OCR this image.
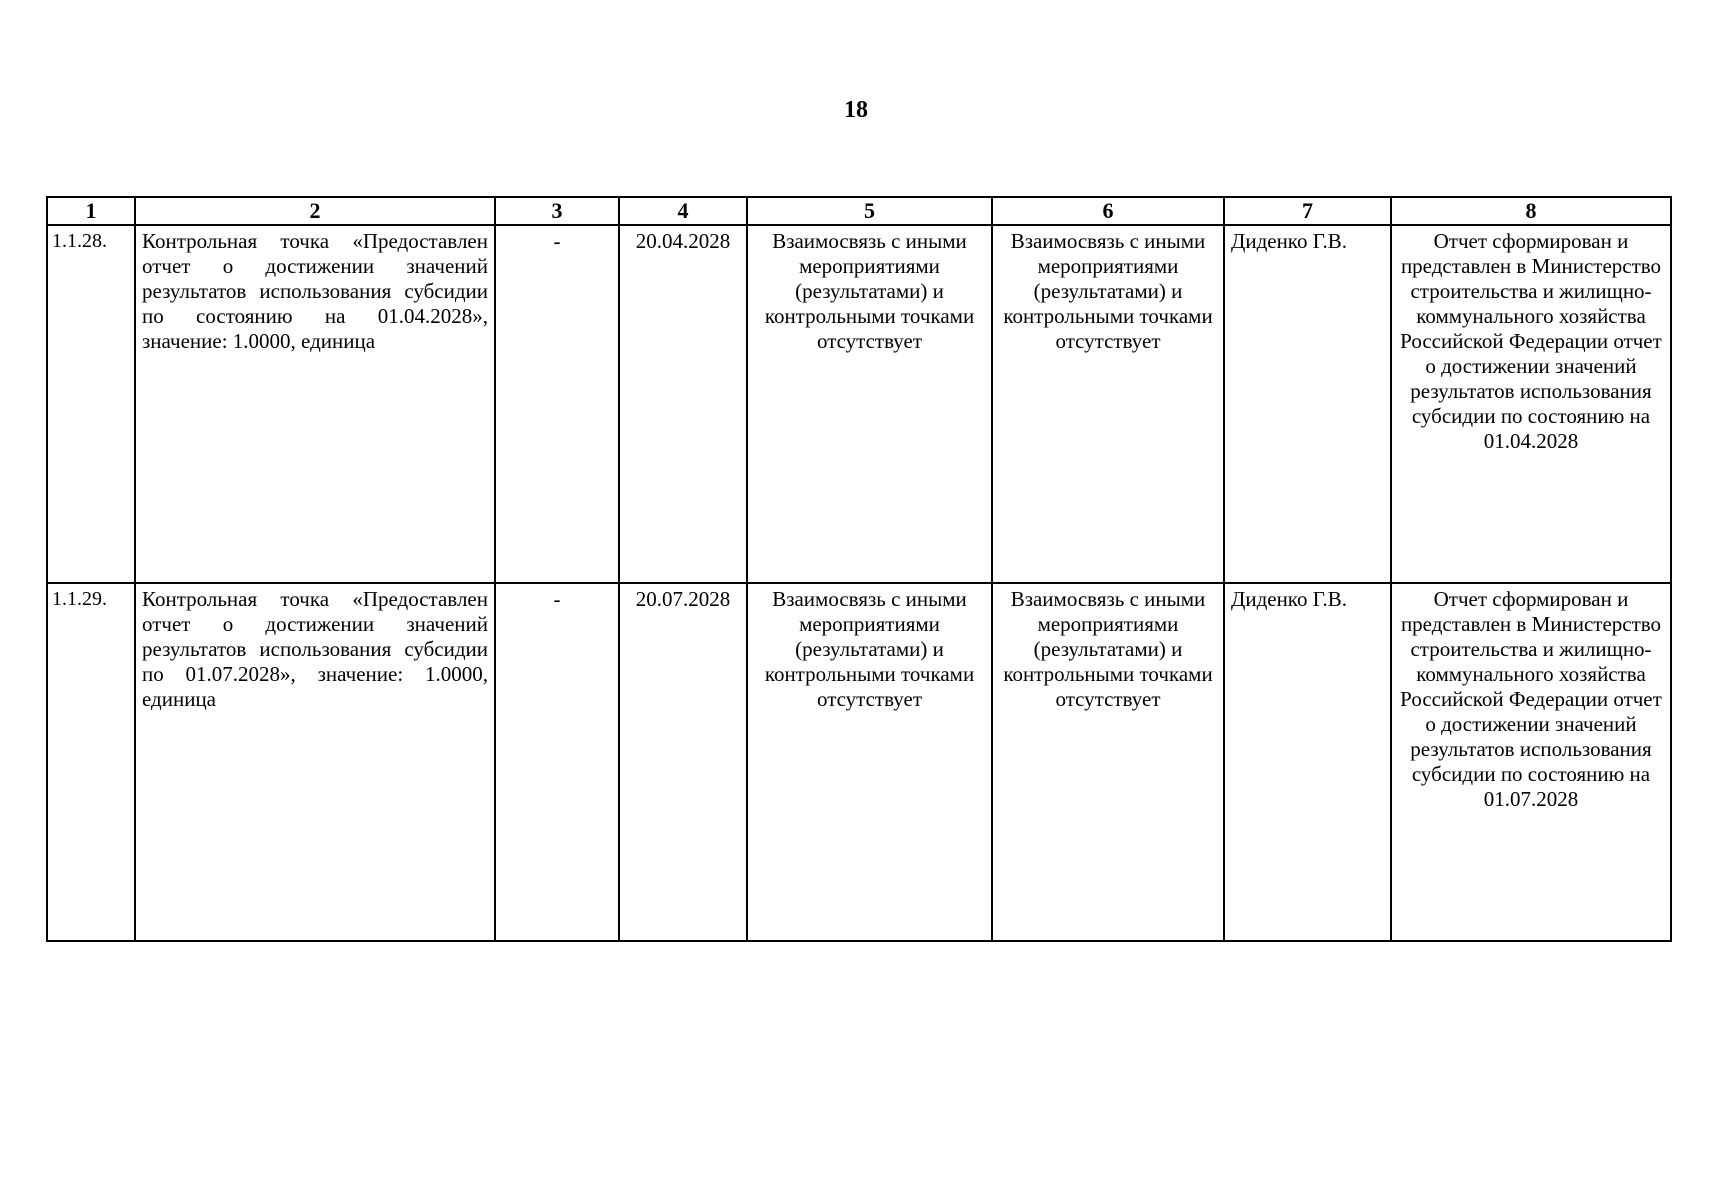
18
1	2	3	4	5	6	7	8
1.1.28.	Контрольная точка «Предоставлен отчет о достижении значений результатов использования субсидии по состоянию на 01.04.2028», значение: 1.0000, единица	-	20.04.2028	Взаимосвязь с иными мероприятиями (результатами) и контрольными точками отсутствует	Взаимосвязь с иными мероприятиями (результатами) и контрольными точками отсутствует	Диденко Г.В.	Отчет сформирован и представлен в Министерство строительства и жилищно-коммунального хозяйства Российской Федерации отчет о достижении значений результатов использования субсидии по состоянию на 01.04.2028
1.1.29.	Контрольная точка «Предоставлен отчет о достижении значений результатов использования субсидии по 01.07.2028», значение: 1.0000, единица	-	20.07.2028	Взаимосвязь с иными мероприятиями (результатами) и контрольными точками отсутствует	Взаимосвязь с иными мероприятиями (результатами) и контрольными точками отсутствует	Диденко Г.В.	Отчет сформирован и представлен в Министерство строительства и жилищно-коммунального хозяйства Российской Федерации отчет о достижении значений результатов использования субсидии по состоянию на 01.07.2028
